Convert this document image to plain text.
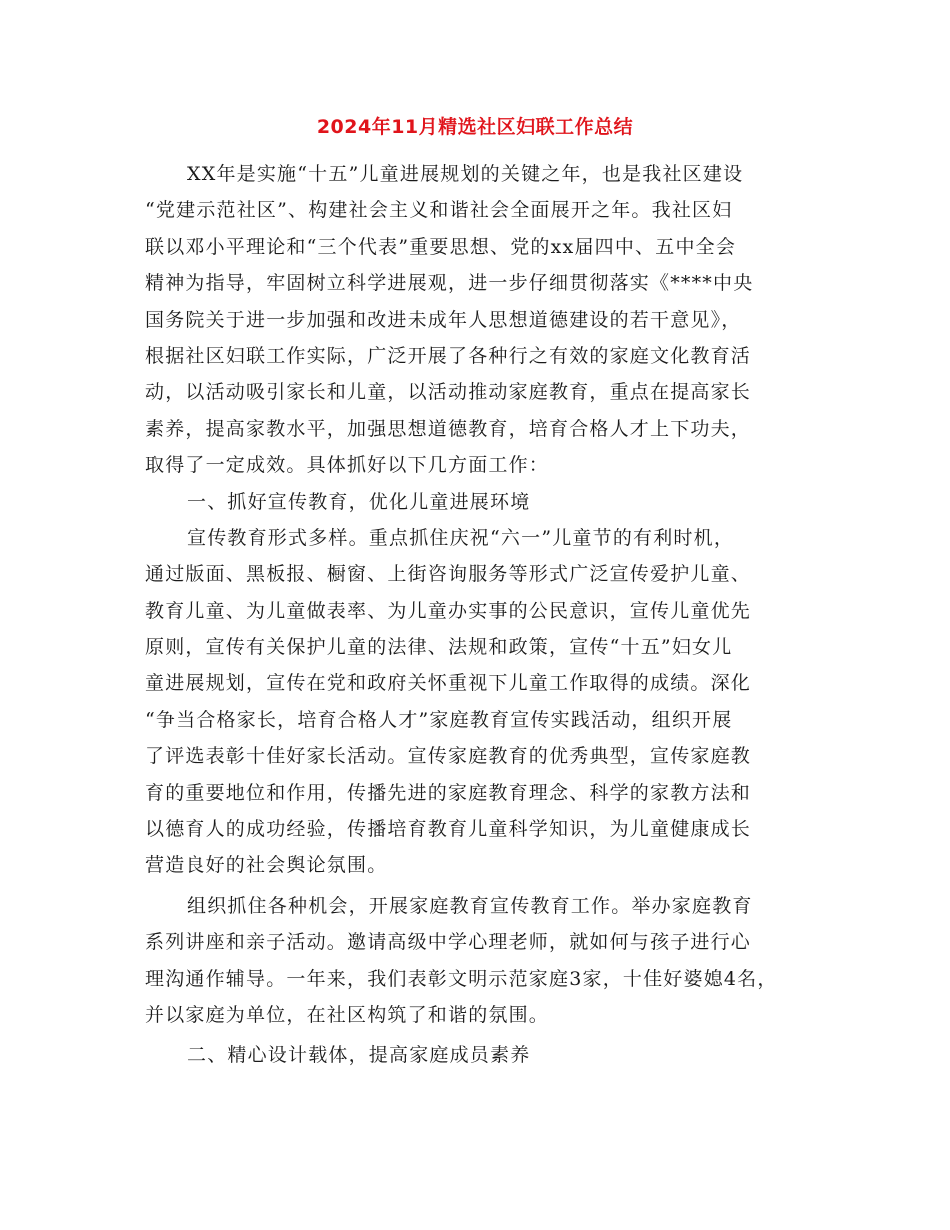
2024年11月精选社区妇联工作总结
XX年是实施“十五”儿童进展规划的关键之年，也是我社区建设
“党建示范社区”、构建社会主义和谐社会全面展开之年。我社区妇
联以邓小平理论和“三个代表”重要思想、党的xx届四中、五中全会
精神为指导，牢固树立科学进展观，进一步仔细贯彻落实《****中央
国务院关于进一步加强和改进未成年人思想道德建设的若干意见》，
根据社区妇联工作实际，广泛开展了各种行之有效的家庭文化教育活
动，以活动吸引家长和儿童，以活动推动家庭教育，重点在提高家长
素养，提高家教水平，加强思想道德教育，培育合格人才上下功夫，
取得了一定成效。具体抓好以下几方面工作：
一、抓好宣传教育，优化儿童进展环境
宣传教育形式多样。重点抓住庆祝“六一”儿童节的有利时机，
通过版面、黑板报、橱窗、上街咨询服务等形式广泛宣传爱护儿童、
教育儿童、为儿童做表率、为儿童办实事的公民意识，宣传儿童优先
原则，宣传有关保护儿童的法律、法规和政策，宣传“十五”妇女儿
童进展规划，宣传在党和政府关怀重视下儿童工作取得的成绩。深化
“争当合格家长，培育合格人才”家庭教育宣传实践活动，组织开展
了评选表彰十佳好家长活动。宣传家庭教育的优秀典型，宣传家庭教
育的重要地位和作用，传播先进的家庭教育理念、科学的家教方法和
以德育人的成功经验，传播培育教育儿童科学知识，为儿童健康成长
营造良好的社会舆论氛围。
组织抓住各种机会，开展家庭教育宣传教育工作。举办家庭教育
系列讲座和亲子活动。邀请高级中学心理老师，就如何与孩子进行心
理沟通作辅导。一年来，我们表彰文明示范家庭3家，十佳好婆媳4名，
并以家庭为单位，在社区构筑了和谐的氛围。
二、精心设计载体，提高家庭成员素养
